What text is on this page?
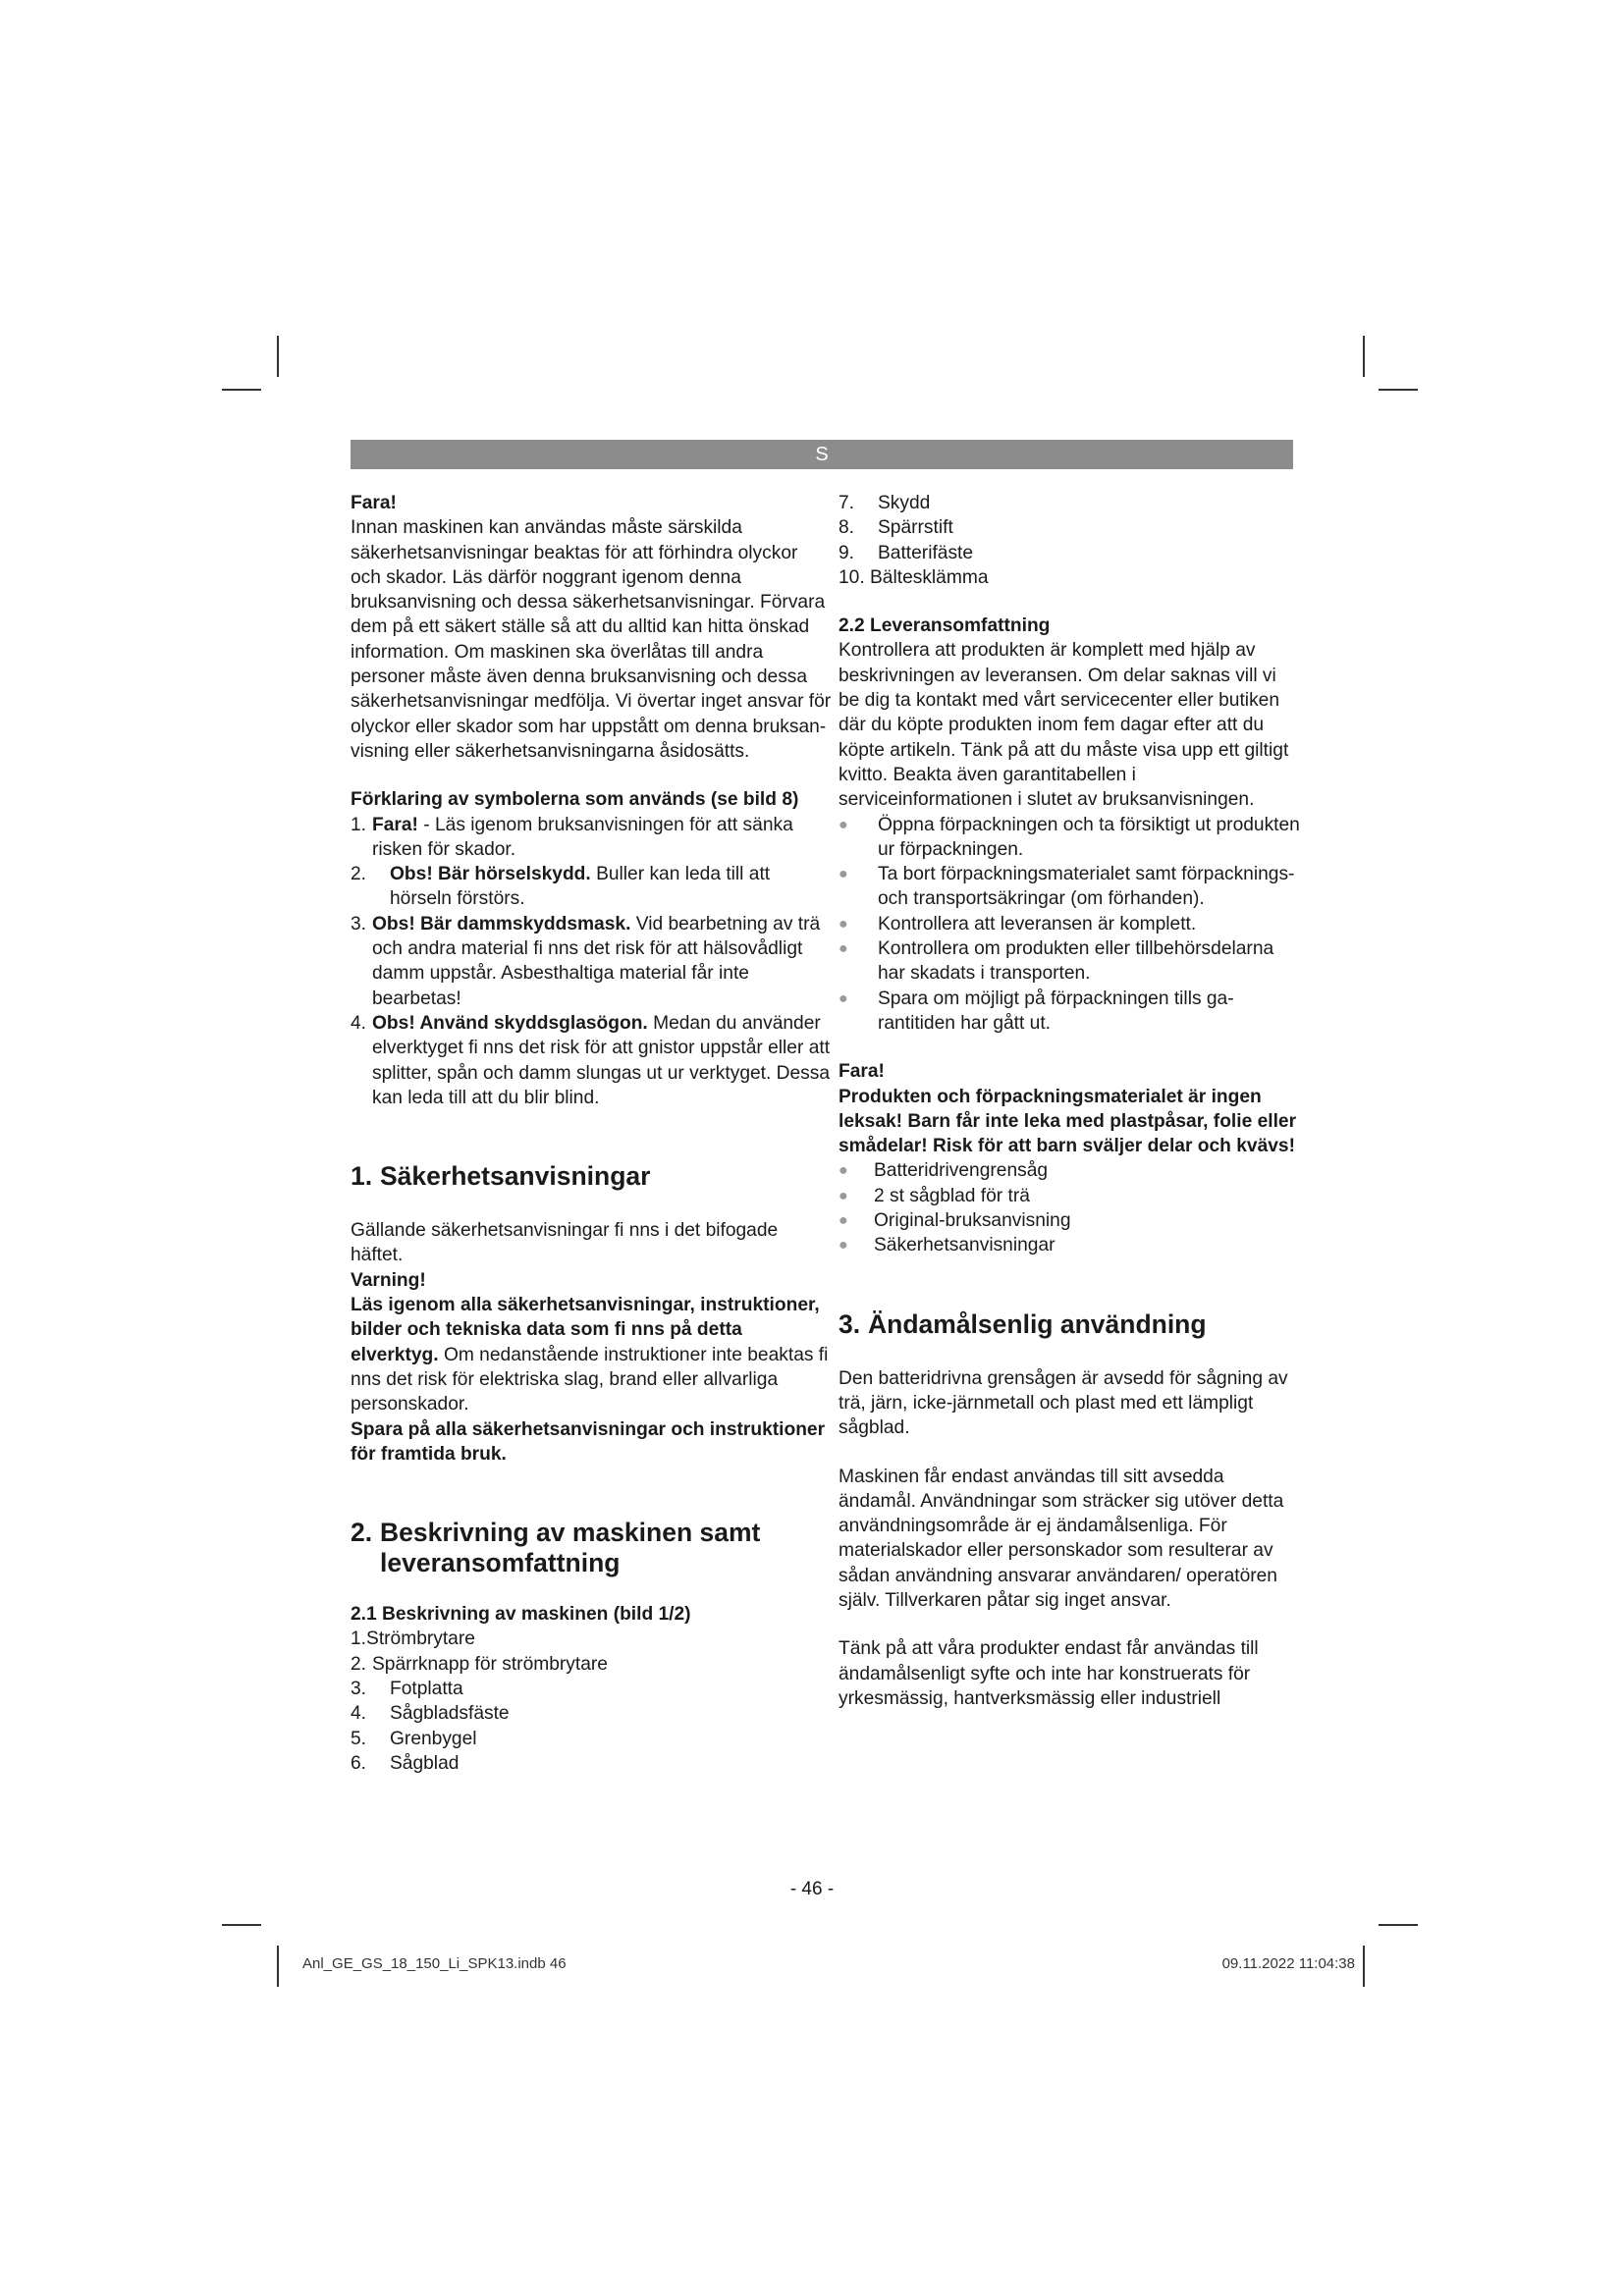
S

Fara!

Innan maskinen kan användas måste särskilda säkerhetsanvisningar beaktas för att förhindra olyckor och skador. Läs därför noggrant igenom denna bruksanvisning och dessa säkerhetsanvisningar. Förvara dem på ett säkert ställe så att du alltid kan hitta önskad information. Om maskinen ska överlåtas till andra personer måste även denna bruksanvisning och dessa säkerhetsanvisningar medfölja. Vi övertar inget ansvar för olyckor eller skador som har uppstått om denna bruksanvisning eller säkerhetsanvisningarna åsidosätts.

Förklaring av symbolerna som används (se bild 8)

1. Fara! - Läs igenom bruksanvisningen för att sänka risken för skador.
2.	Obs! Bär hörselskydd. Buller kan leda till att hörseln förstörs.
3. Obs! Bär dammskyddsmask. Vid bearbetning av trä och andra material fi nns det risk för att hälsovådligt damm uppstår. Asbesthaltiga material får inte bearbetas!
4. Obs! Använd skyddsglasögon. Medan du använder elverktyget fi nns det risk för att gnistor uppstår eller att splitter, spån och damm slungas ut ur verktyget. Dessa kan leda till att du blir blind.
1. Säkerhetsanvisningar

Gällande säkerhetsanvisningar fi nns i det bifogade häftet.

Varning!

Läs igenom alla säkerhetsanvisningar, instruktioner, bilder och tekniska data som fi nns på detta elverktyg. Om nedanstående instruktioner inte beaktas fi nns det risk för elektriska slag, brand eller allvarliga personskador.

Spara på alla säkerhetsanvisningar och instruktioner för framtida bruk.

2. Beskrivning av maskinen samt
leveransomfattning

2.1 Beskrivning av maskinen (bild 1/2)

1. Strömbrytare
2. Spärrknapp för strömbrytare
3.	Fotplatta
4.	Sågbladsfäste
5.	Grenbygel
6.	Sågblad
7.	Skydd
8.	Spärrstift
9.	Batterifäste
10. Bältesklämma

2.2 Leveransomfattning

Kontrollera att produkten är komplett med hjälp av beskrivningen av leveransen. Om delar saknas vill vi be dig ta kontakt med vårt servicecenter eller butiken där du köpte produkten inom fem dagar efter att du köpte artikeln. Tänk på att du måste visa upp ett giltigt kvitto. Beakta även garantitabellen i serviceinformationen i slutet av bruksanvisningen.

●	Öppna förpackningen och ta försiktigt ut produkten ur förpackningen.
●	Ta bort förpackningsmaterialet samt förpacknings- och transportsäkringar (om förhanden).
●	Kontrollera att leveransen är komplett.
●	Kontrollera om produkten eller tillbehörsdelarna har skadats i transporten.
●	Spara om möjligt på förpackningen tills garantitiden har gått ut.

Fara!

Produkten och förpackningsmaterialet är ingen leksak! Barn får inte leka med plastpåsar, folie eller smådelar! Risk för att barn sväljer delar och kvävs!

●	Batteridrivengrensåg
●	2 st sågblad för trä
●	Original-bruksanvisning
●	Säkerhetsanvisningar
3. Ändamålsenlig användning

Den batteridrivna grensågen är avsedd för sågning av trä, järn, icke-järnmetall och plast med ett lämpligt sågblad.

Maskinen får endast användas till sitt avsedda ändamål. Användningar som sträcker sig utöver detta användningsområde är ej ändamålsenliga. För materialskador eller personskador som resulterar av sådan användning ansvarar användaren/ operatören själv. Tillverkaren påtar sig inget ansvar.

Tänk på att våra produkter endast får användas till ändamålsenligt syfte och inte har konstruerats för yrkesmässig, hantverksmässig eller industriell

- 46 -
Anl_GE_GS_18_150_Li_SPK13.indb 46	09.11.2022 11:04:38
